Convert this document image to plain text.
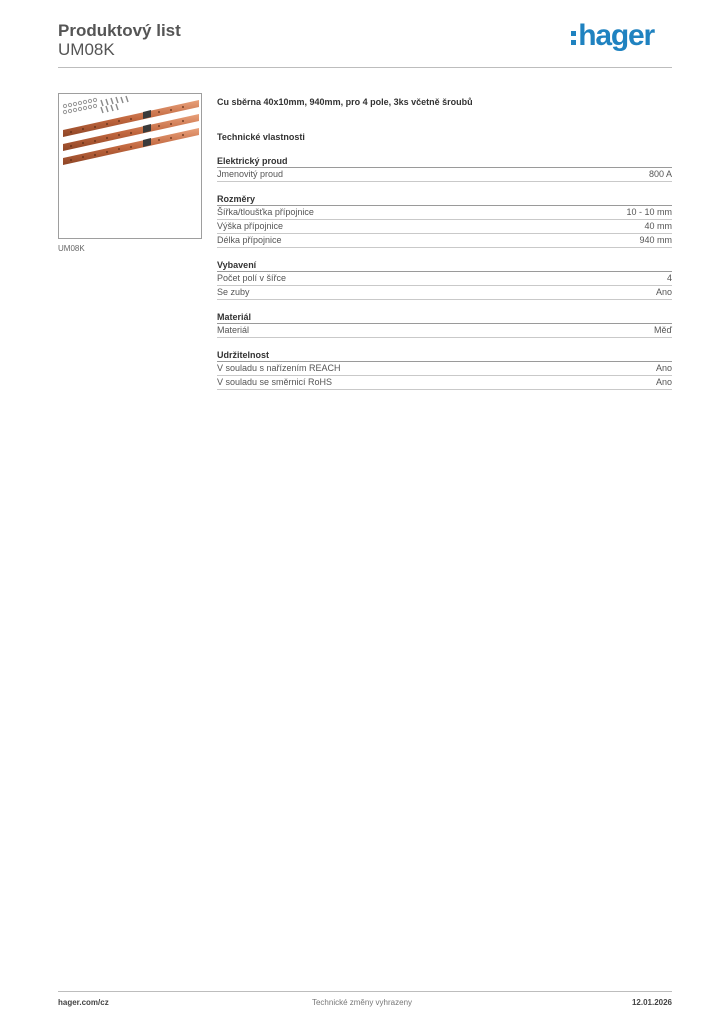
Produktový list
UM08K	hager
UM08K
Cu sběrna 40x10mm, 940mm, pro 4 pole, 3ks včetně šroubů
Technické vlastnosti
Elektrický proud
Jmenovitý proud	800 A
Rozměry
Šířka/tloušťka přípojnice	10 - 10 mm
Výška přípojnice	40 mm
Délka přípojnice	940 mm
Vybavení
Počet polí v šířce	4
Se zuby	Ano
Materiál
Materiál	Měď
Udržitelnost
V souladu s nařízením REACH	Ano
V souladu se směrnicí RoHS	Ano
hager.com/cz	Technické změny vyhrazeny	12.01.2026
